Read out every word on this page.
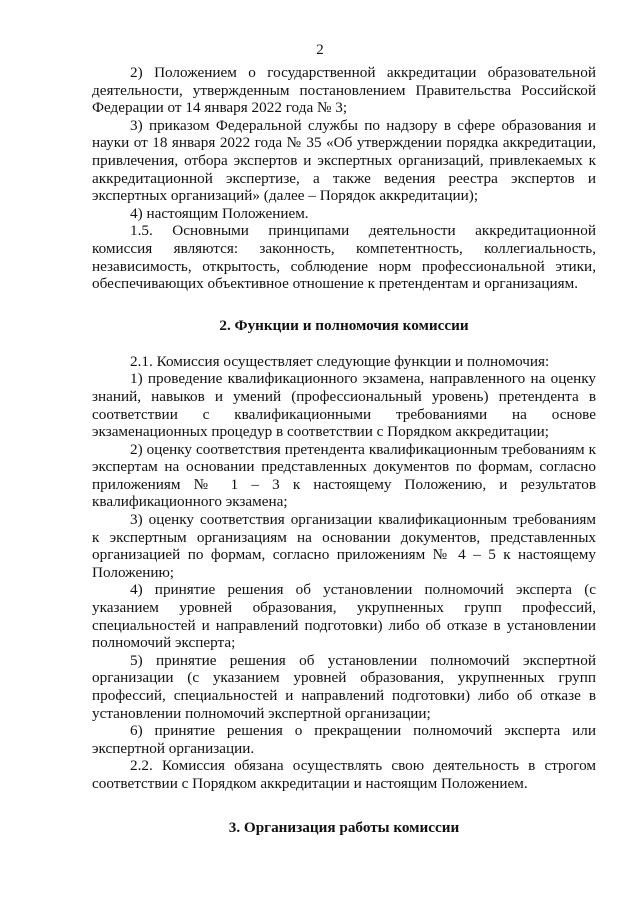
2

2) Положением о государственной аккредитации образовательной деятельности, утвержденным постановлением Правительства Российской Федерации от 14 января 2022 года № 3;

3) приказом Федеральной службы по надзору в сфере образования и науки от 18 января 2022 года № 35 «Об утверждении порядка аккредитации, привлечения, отбора экспертов и экспертных организаций, привлекаемых к аккредитационной экспертизе, а также ведения реестра экспертов и экспертных организаций» (далее – Порядок аккредитации);

4) настоящим Положением.

1.5. Основными принципами деятельности аккредитационной комиссия являются: законность, компетентность, коллегиальность, независимость, открытость, соблюдение норм профессиональной этики, обеспечивающих объективное отношение к претендентам и организациям.

2. Функции и полномочия комиссии

2.1. Комиссия осуществляет следующие функции и полномочия:

1) проведение квалификационного экзамена, направленного на оценку знаний, навыков и умений (профессиональный уровень) претендента в соответствии с квалификационными требованиями на основе экзаменационных процедур в соответствии с Порядком аккредитации;

2) оценку соответствия претендента квалификационным требованиям к экспертам на основании представленных документов по формам, согласно приложениям № 1 – 3 к настоящему Положению, и результатов квалификационного экзамена;

3) оценку соответствия организации квалификационным требованиям к экспертным организациям на основании документов, представленных организацией по формам, согласно приложениям № 4 – 5 к настоящему Положению;

4) принятие решения об установлении полномочий эксперта (с указанием уровней образования, укрупненных групп профессий, специальностей и направлений подготовки) либо об отказе в установлении полномочий эксперта;

5) принятие решения об установлении полномочий экспертной организации (с указанием уровней образования, укрупненных групп профессий, специальностей и направлений подготовки) либо об отказе в установлении полномочий экспертной организации;

6) принятие решения о прекращении полномочий эксперта или экспертной организации.

2.2. Комиссия обязана осуществлять свою деятельность в строгом соответствии с Порядком аккредитации и настоящим Положением.

3. Организация работы комиссии
